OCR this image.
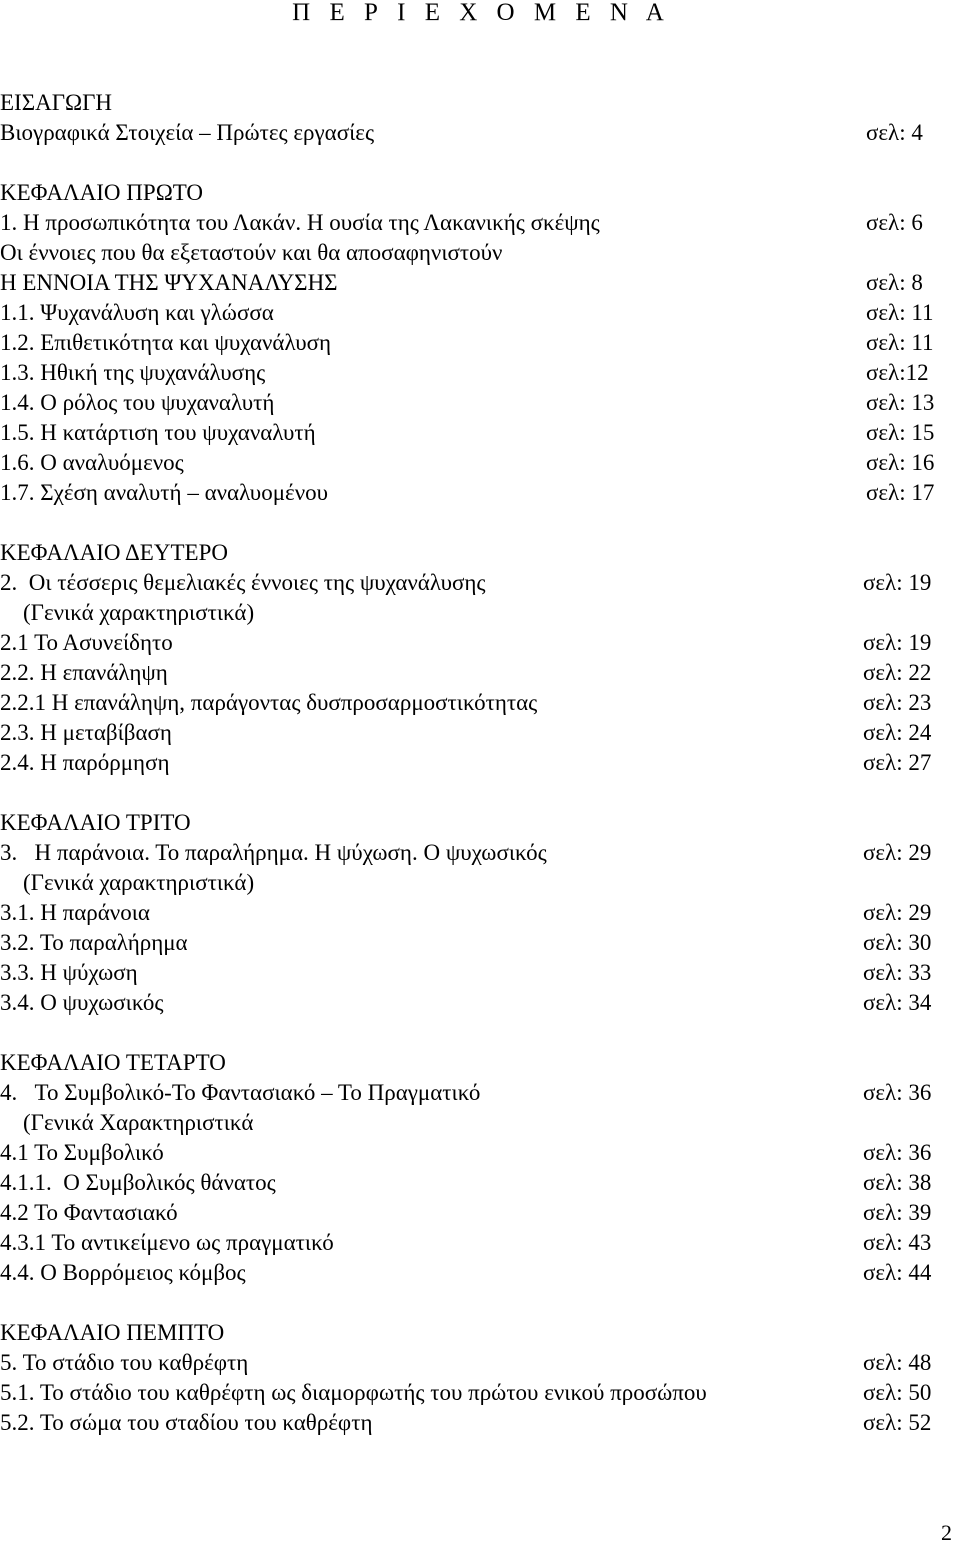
Π Ε Ρ Ι Ε Χ Ο Μ Ε Ν Α
ΕΙΣΑΓΩΓΗ
Βιογραφικά Στοιχεία – Πρώτες εργασίες	σελ: 4
ΚΕΦΑΛΑΙΟ ΠΡΩΤΟ
1. Η προσωπικότητα του Λακάν. Η ουσία της Λακανικής σκέψης	σελ: 6
Οι έννοιες που θα εξεταστούν και θα αποσαφηνιστούν
Η ΕΝΝΟΙΑ ΤΗΣ ΨΥΧΑΝΑΛΥΣΗΣ	σελ: 8
1.1. Ψυχανάλυση και γλώσσα	σελ: 11
1.2. Επιθετικότητα και ψυχανάλυση	σελ: 11
1.3. Ηθική της ψυχανάλυσης	σελ:12
1.4. Ο ρόλος του ψυχαναλυτή	σελ: 13
1.5. Η κατάρτιση του ψυχαναλυτή	σελ: 15
1.6. Ο αναλυόμενος	σελ: 16
1.7. Σχέση αναλυτή – αναλυομένου	σελ: 17
ΚΕΦΑΛΑΙΟ ΔΕΥΤΕΡΟ
2.  Οι τέσσερις θεμελιακές έννοιες της ψυχανάλυσης	σελ: 19
(Γενικά χαρακτηριστικά)
2.1 Το Ασυνείδητο	σελ: 19
2.2. Η επανάληψη	σελ: 22
2.2.1 Η επανάληψη, παράγοντας δυσπροσαρμοστικότητας	σελ: 23
2.3. Η μεταβίβαση	σελ: 24
2.4. Η παρόρμηση	σελ: 27
ΚΕΦΑΛΑΙΟ ΤΡΙΤΟ
3.   Η παράνοια. Το παραλήρημα. Η ψύχωση. Ο ψυχωσικός	σελ: 29
(Γενικά χαρακτηριστικά)
3.1. Η παράνοια	σελ: 29
3.2. Το παραλήρημα	σελ: 30
3.3. Η ψύχωση	σελ: 33
3.4. Ο ψυχωσικός	σελ: 34
ΚΕΦΑΛΑΙΟ ΤΕΤΑΡΤΟ
4.   Το Συμβολικό-Το Φαντασιακό – Το Πραγματικό	σελ: 36
(Γενικά Χαρακτηριστικά
4.1 Το Συμβολικό	σελ: 36
4.1.1.  Ο Συμβολικός θάνατος	σελ: 38
4.2 Το Φαντασιακό	σελ: 39
4.3.1 Το αντικείμενο ως πραγματικό	σελ: 43
4.4. Ο Βορρόμειος κόμβος	σελ: 44
ΚΕΦΑΛΑΙΟ ΠΕΜΠΤΟ
5. Το στάδιο του καθρέφτη	σελ: 48
5.1. Το στάδιο του καθρέφτη ως διαμορφωτής του πρώτου ενικού προσώπου	σελ: 50
5.2. Το σώμα του σταδίου του καθρέφτη	σελ: 52
2
